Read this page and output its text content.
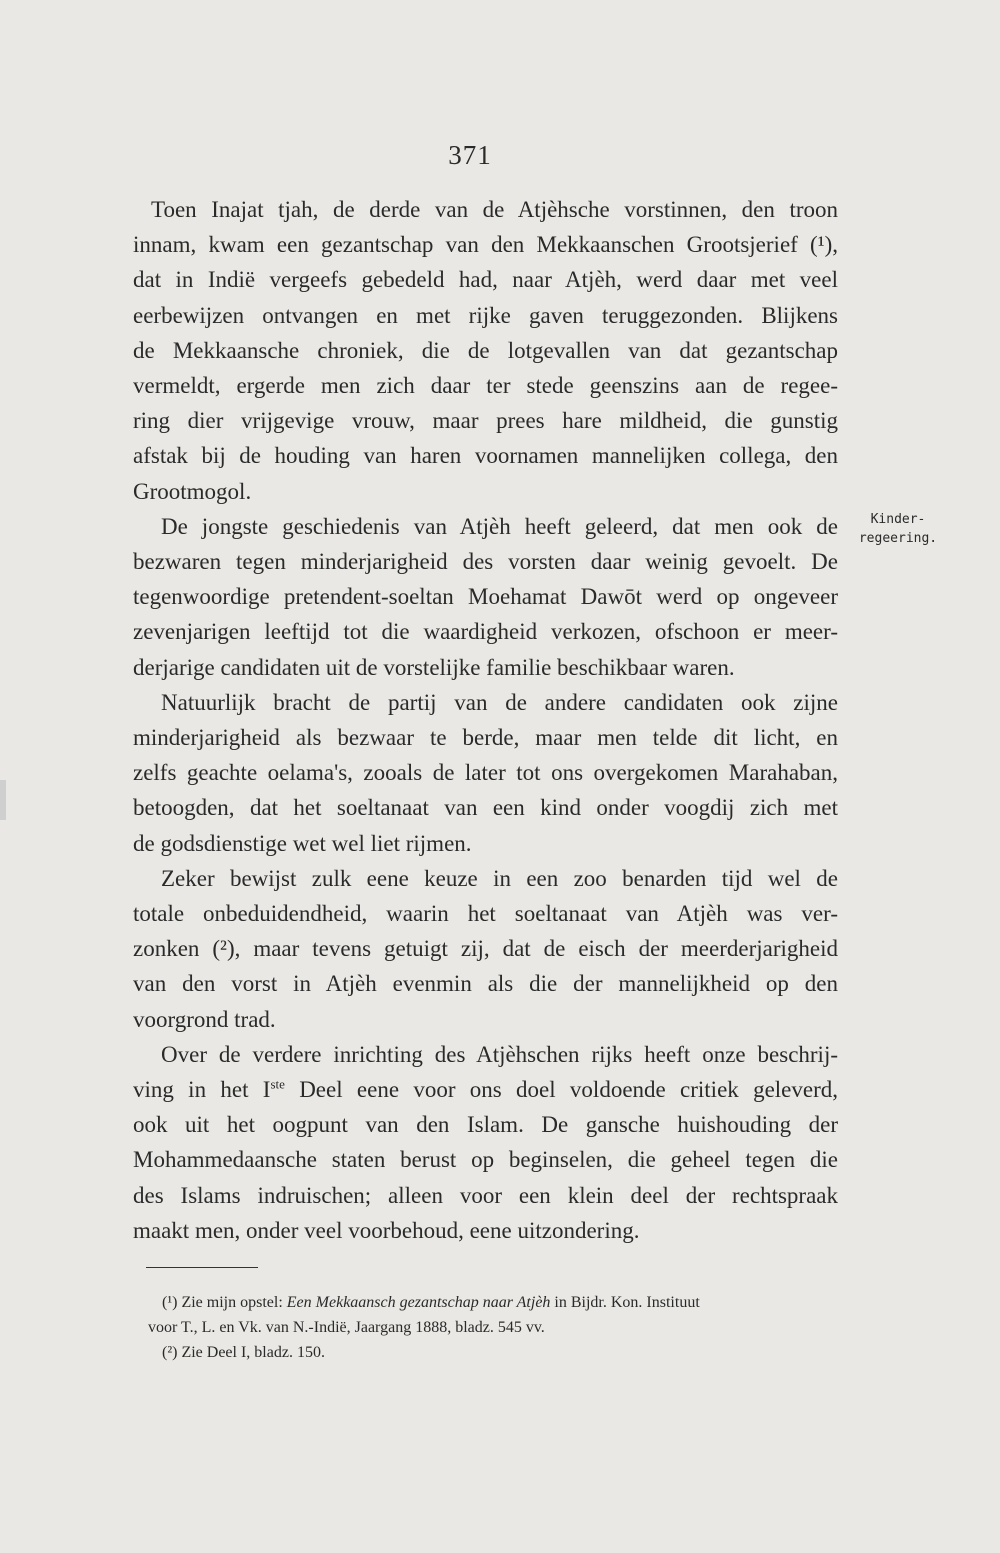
371

Toen Inajat tjah, de derde van de Atjèhsche vorstinnen, den troon
innam, kwam een gezantschap van den Mekkaanschen Grootsjerief (¹),
dat in Indië vergeefs gebedeld had, naar Atjèh, werd daar met veel
eerbewijzen ontvangen en met rijke gaven teruggezonden. Blijkens
de Mekkaansche chroniek, die de lotgevallen van dat gezantschap
vermeldt, ergerde men zich daar ter stede geenszins aan de regee-
ring dier vrijgevige vrouw, maar prees hare mildheid, die gunstig
afstak bij de houding van haren voornamen mannelijken collega, den
Grootmogol.

De jongste geschiedenis van Atjèh heeft geleerd, dat men ook de
bezwaren tegen minderjarigheid des vorsten daar weinig gevoelt. De
tegenwoordige pretendent-soeltan Moehamat Dawōt werd op ongeveer
zevenjarigen leeftijd tot die waardigheid verkozen, ofschoon er meer-
derjarige candidaten uit de vorstelijke familie beschikbaar waren.

Natuurlijk bracht de partij van de andere candidaten ook zijne
minderjarigheid als bezwaar te berde, maar men telde dit licht, en
zelfs geachte oelama's, zooals de later tot ons overgekomen Marahaban,
betoogden, dat het soeltanaat van een kind onder voogdij zich met
de godsdienstige wet wel liet rijmen.

Zeker bewijst zulk eene keuze in een zoo benarden tijd wel de
totale onbeduidendheid, waarin het soeltanaat van Atjèh was ver-
zonken (²), maar tevens getuigt zij, dat de eisch der meerderjarigheid
van den vorst in Atjèh evenmin als die der mannelijkheid op den
voorgrond trad.

Over de verdere inrichting des Atjèhschen rijks heeft onze beschrij-
ving in het Iste Deel eene voor ons doel voldoende critiek geleverd,
ook uit het oogpunt van den Islam. De gansche huishouding der
Mohammedaansche staten berust op beginselen, die geheel tegen die
des Islams indruischen; alleen voor een klein deel der rechtspraak
maakt men, onder veel voorbehoud, eene uitzondering.

Kinder-
regeering.
(¹) Zie mijn opstel: Een Mekkaansch gezantschap naar Atjèh in Bijdr. Kon. Instituut
voor T., L. en Vk. van N.-Indië, Jaargang 1888, bladz. 545 vv.
(²) Zie Deel I, bladz. 150.
